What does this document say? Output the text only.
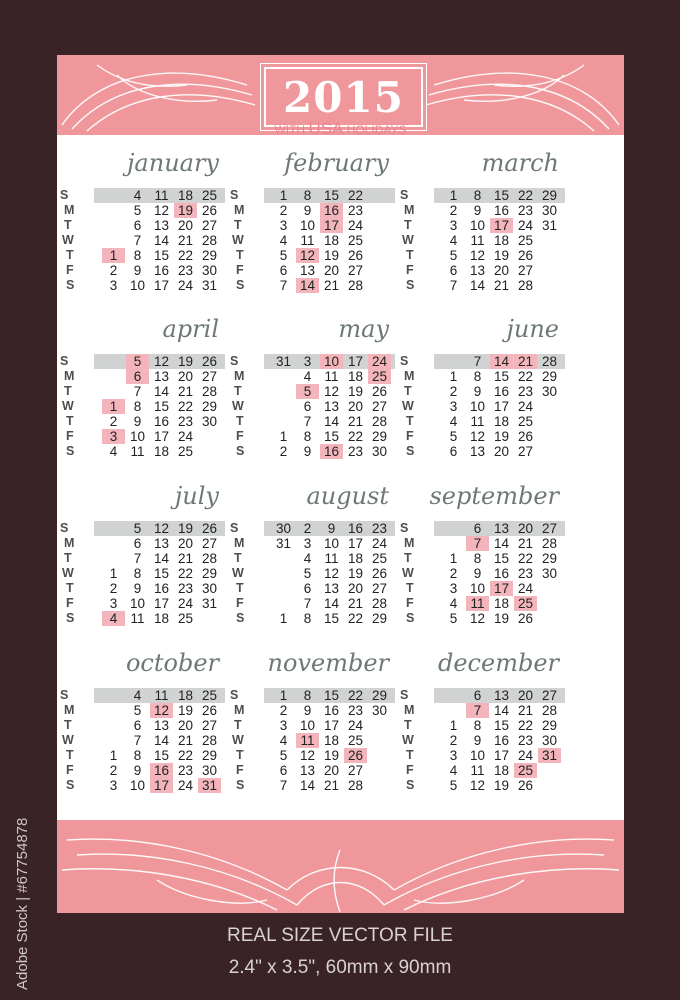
2015
WITH USA HOLIDAYS
january
S
M
T
W
T
F
S
1
2
3
4
5
6
7
8
9
10
11
12
13
14
15
16
17
18
19
20
21
22
23
24
25
26
27
28
29
30
31
february
S
M
T
W
T
F
S
1
2
3
4
5
6
7
8
9
10
11
12
13
14
15
16
17
18
19
20
21
22
23
24
25
26
27
28
march
S
M
T
W
T
F
S
1
2
3
4
5
6
7
8
9
10
11
12
13
14
15
16
17
18
19
20
21
22
23
24
25
26
27
28
29
30
31
april
S
M
T
W
T
F
S
1
2
3
4
5
6
7
8
9
10
11
12
13
14
15
16
17
18
19
20
21
22
23
24
25
26
27
28
29
30
may
S
M
T
W
T
F
S
31
1
2
3
4
5
6
7
8
9
10
11
12
13
14
15
16
17
18
19
20
21
22
23
24
25
26
27
28
29
30
june
S
M
T
W
T
F
S
1
2
3
4
5
6
7
8
9
10
11
12
13
14
15
16
17
18
19
20
21
22
23
24
25
26
27
28
29
30
july
S
M
T
W
T
F
S
1
2
3
4
5
6
7
8
9
10
11
12
13
14
15
16
17
18
19
20
21
22
23
24
25
26
27
28
29
30
31
august
S
M
T
W
T
F
S
30
31
1
2
3
4
5
6
7
8
9
10
11
12
13
14
15
16
17
18
19
20
21
22
23
24
25
26
27
28
29
september
S
M
T
W
T
F
S
1
2
3
4
5
6
7
8
9
10
11
12
13
14
15
16
17
18
19
20
21
22
23
24
25
26
27
28
29
30
october
S
M
T
W
T
F
S
1
2
3
4
5
6
7
8
9
10
11
12
13
14
15
16
17
18
19
20
21
22
23
24
25
26
27
28
29
30
31
november
S
M
T
W
T
F
S
1
2
3
4
5
6
7
8
9
10
11
12
13
14
15
16
17
18
19
20
21
22
23
24
25
26
27
28
29
30
december
S
M
T
W
T
F
S
1
2
3
4
5
6
7
8
9
10
11
12
13
14
15
16
17
18
19
20
21
22
23
24
25
26
27
28
29
30
31
REAL SIZE VECTOR FILE
2.4" x 3.5", 60mm x 90mm
Adobe Stock | #67754878
